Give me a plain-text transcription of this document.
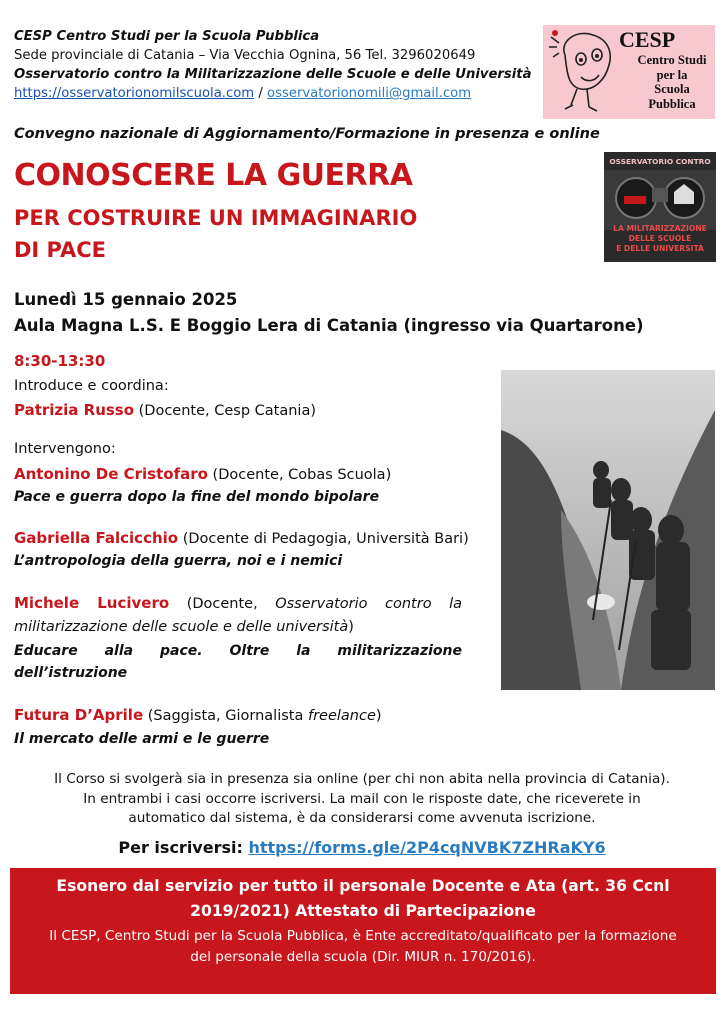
CESP Centro Studi per la Scuola Pubblica
Sede provinciale di Catania – Via Vecchia Ognina, 56 Tel. 3296020649
Osservatorio contro la Militarizzazione delle Scuole e delle Università
https://osservatorionomilscuola.com / osservatorionomili@gmail.com
CESP
Centro Studi
per la
Scuola
Pubblica
Convegno nazionale di Aggiornamento/Formazione in presenza e online
CONOSCERE LA GUERRA
PER COSTRUIRE UN IMMAGINARIO
DI PACE
OSSERVATORIO CONTRO
LA MILITARIZZAZIONE
DELLE SCUOLE
E DELLE UNIVERSITÀ
Lunedì 15 gennaio 2025
Aula Magna L.S. E Boggio Lera di Catania (ingresso via Quartarone)
8:30-13:30
Introduce e coordina:
Patrizia Russo (Docente, Cesp Catania)
Intervengono:
Antonino De Cristofaro (Docente, Cobas Scuola)
Pace e guerra dopo la fine del mondo bipolare
Gabriella Falcicchio (Docente di Pedagogia, Università Bari)
L’antropologia della guerra, noi e i nemici
Michele Lucivero (Docente, Osservatorio contro la militarizzazione delle scuole e delle università)
Educare alla pace. Oltre la militarizzazione dell’istruzione
Futura D’Aprile (Saggista, Giornalista freelance)
Il mercato delle armi e le guerre
Il Corso si svolgerà sia in presenza sia online (per chi non abita nella provincia di Catania).
In entrambi i casi occorre iscriversi. La mail con le risposte date, che riceverete in
automatico dal sistema, è da considerarsi come avvenuta iscrizione.
Per iscriversi: https://forms.gle/2P4cqNVBK7ZHRaKY6
Esonero dal servizio per tutto il personale Docente e Ata (art. 36 Ccnl
2019/2021) Attestato di Partecipazione
Il CESP, Centro Studi per la Scuola Pubblica, è Ente accreditato/qualificato per la formazione
del personale della scuola (Dir. MIUR n. 170/2016).
